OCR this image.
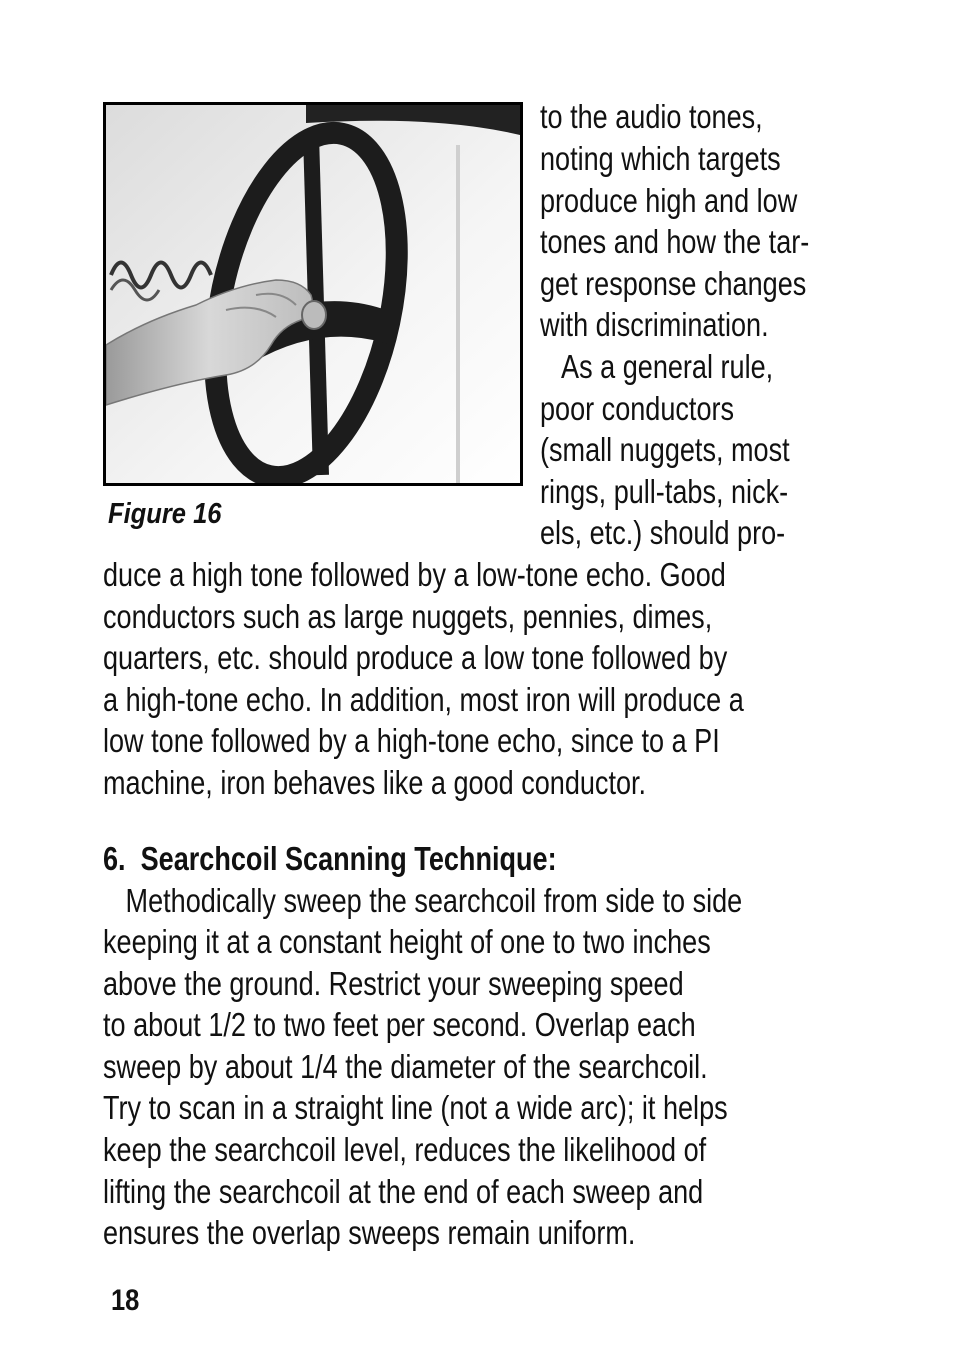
Figure 16
to the audio tones,
noting which targets
produce high and low
tones and how the tar-
get response changes
with discrimination.
As a general rule,
poor conductors
(small nuggets, most
rings, pull-tabs, nick-
els, etc.) should pro-
duce a high tone followed by a low-tone echo. Good
conductors such as large nuggets, pennies, dimes,
quarters, etc. should produce a low tone followed by
a high-tone echo. In addition, most iron will produce a
low tone followed by a high-tone echo, since to a PI
machine, iron behaves like a good conductor.
6.  Searchcoil Scanning Technique:
Methodically sweep the searchcoil from side to side
keeping it at a constant height of one to two inches
above the ground. Restrict your sweeping speed
to about 1/2 to two feet per second. Overlap each
sweep by about 1/4 the diameter of the searchcoil.
Try to scan in a straight line (not a wide arc); it helps
keep the searchcoil level, reduces the likelihood of
lifting the searchcoil at the end of each sweep and
ensures the overlap sweeps remain uniform.
18
